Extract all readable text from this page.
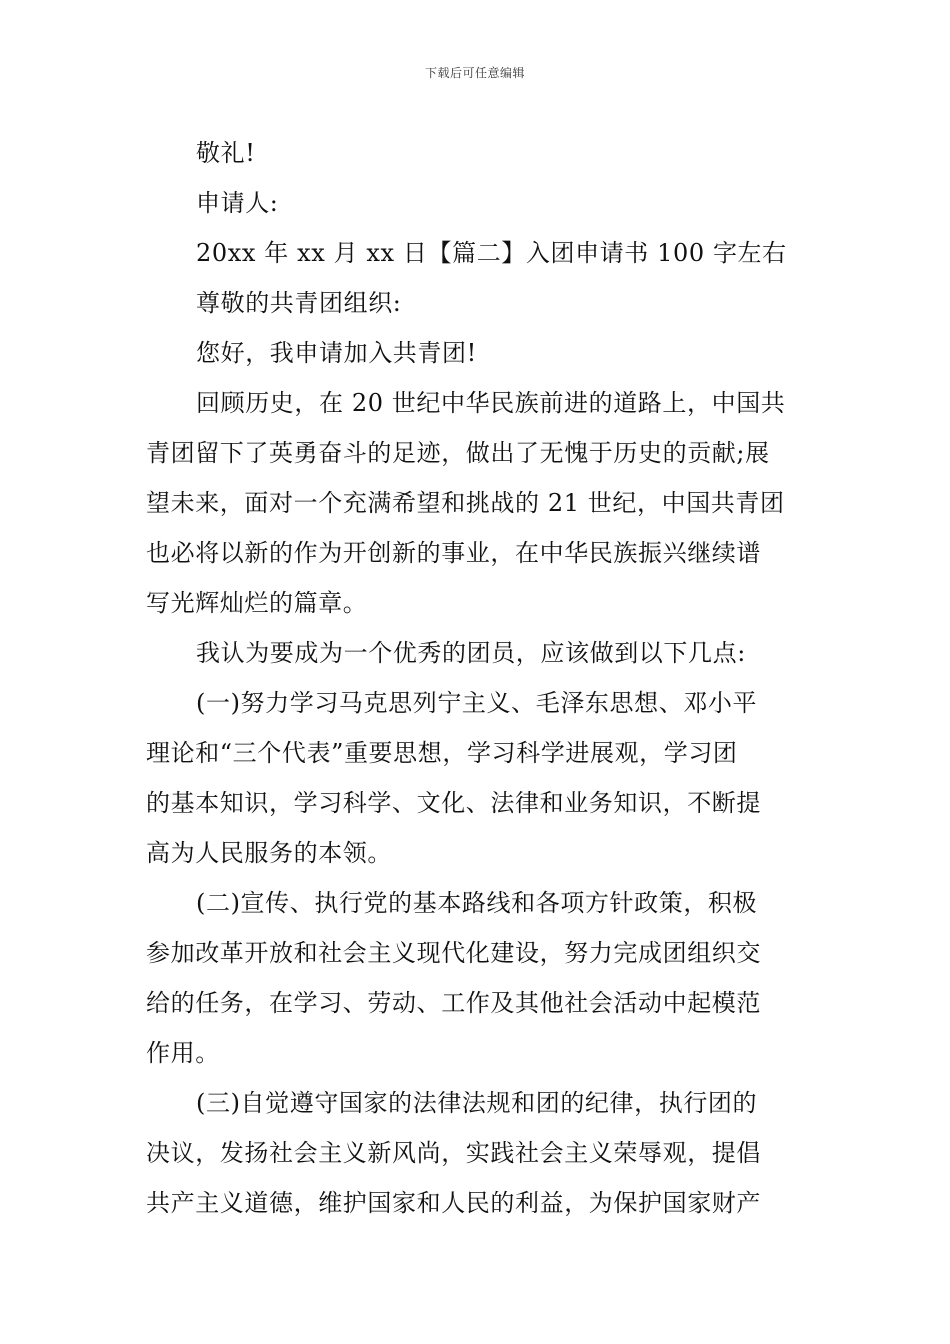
下载后可任意编辑
敬礼!
申请人:
20xx 年 xx 月 xx 日【篇二】入团申请书 100 字左右
尊敬的共青团组织:
您好，我申请加入共青团!
回顾历史，在 20 世纪中华民族前进的道路上，中国共
青团留下了英勇奋斗的足迹，做出了无愧于历史的贡献;展
望未来，面对一个充满希望和挑战的 21 世纪，中国共青团
也必将以新的作为开创新的事业，在中华民族振兴继续谱
写光辉灿烂的篇章。
我认为要成为一个优秀的团员，应该做到以下几点:
(一)努力学习马克思列宁主义、毛泽东思想、邓小平
理论和“三个代表”重要思想，学习科学进展观，学习团
的基本知识，学习科学、文化、法律和业务知识，不断提
高为人民服务的本领。
(二)宣传、执行党的基本路线和各项方针政策，积极
参加改革开放和社会主义现代化建设，努力完成团组织交
给的任务，在学习、劳动、工作及其他社会活动中起模范
作用。
(三)自觉遵守国家的法律法规和团的纪律，执行团的
决议，发扬社会主义新风尚，实践社会主义荣辱观，提倡
共产主义道德，维护国家和人民的利益，为保护国家财产
